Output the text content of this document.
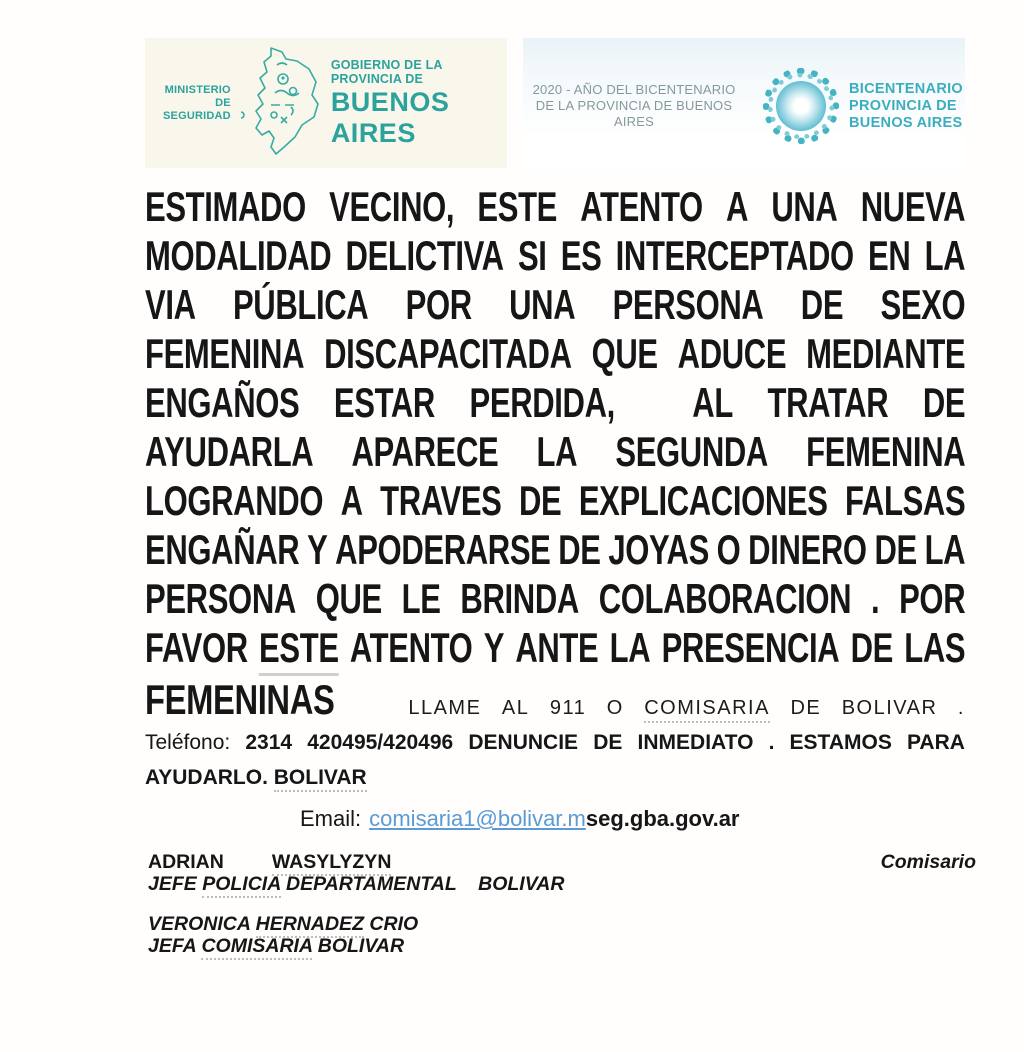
MINISTERIO DE
SEGURIDAD
GOBIERNO DE LA PROVINCIA DE
BUENOS AIRES
2020 - AÑO DEL BICENTENARIO
DE LA PROVINCIA DE BUENOS AIRES
BICENTENARIO
PROVINCIA DE
BUENOS AIRES
ESTIMADO VECINO, ESTE ATENTO A UNA NUEVA
MODALIDAD DELICTIVA SI ES INTERCEPTADO EN LA
VIA PÚBLICA POR UNA PERSONA DE SEXO
FEMENINA DISCAPACITADA QUE ADUCE MEDIANTE
ENGAÑOS ESTAR PERDIDA,
AL TRATAR DE
AYUDARLA APARECE LA SEGUNDA FEMENINA
LOGRANDO A TRAVES DE EXPLICACIONES FALSAS
ENGAÑAR Y APODERARSE DE JOYAS O DINERO DE LA
PERSONA QUE LE BRINDA COLABORACION . POR
FAVOR ESTE ATENTO Y ANTE LA PRESENCIA DE LAS
FEMENINAS	LLAME AL 911 O COMISARIA DE BOLIVAR .
Teléfono: 2314 420495/420496 DENUNCIE DE INMEDIATO . ESTAMOS PARA
AYUDARLO. BOLIVAR
Email: comisaria1@bolivar.mseg.gba.gov.ar
ADRIAN WASYLYZYN	Comisario
JEFE POLICIA DEPARTAMENTAL BOLIVAR
VERONICA HERNADEZ CRIO
JEFA COMISARIA BOLIVAR
